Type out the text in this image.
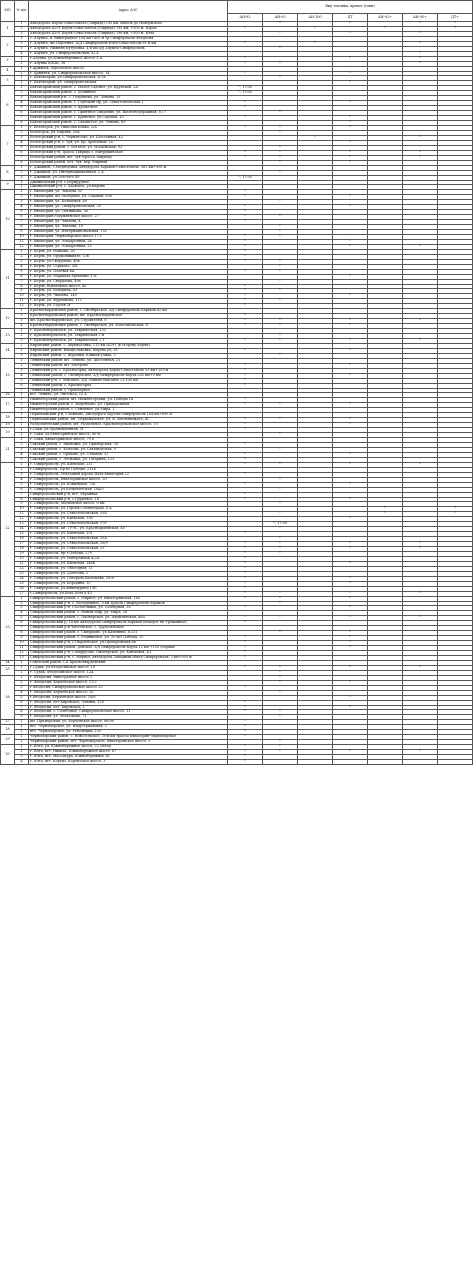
МО	№ п/п	Адрес АЗС	Вид топлива, привоз (тонн)						
			АИ-92	АИ-95	АИ-100	ДТ	АИ-92+	АИ-95+	ДТ+
1	1	Автодорога Керчь-Севастополь (Таврида) 130 км. Вплоть до Ноябрьского		*		*		*	*
	2	Автодорога А291 Керчь-Севастополь (Таврида) 195 км. +500 м. Керчь	*		*		*		*
	3	Автодорога А291 Керчь-Севастополь (Таврида) 196 км. +500 м. Ялта		*		*		*	
2	1	г. Алушта, п. Виноградное 164 км+400 м тр.Симферополь-Феодосия							
	2	г. Алушта, шт.Партенит, А/Д Симферополь-Ялта-Севастополь 61-й км	*		*			*	
	3	г. Алушта, Нижняя Кутузовка, 4-й км а/д Алушта-Симферополь		*					
	4	г. Алушта, ул. Симферопольская, 42 а						*	
3	1	г.Алупка, ул.Южнобережное Шоссе 9 А	*			*		*	
	2	г. Алупка ЮКШ, 38	*	*				*	
4	1	г.Армянск, Херсонское шоссе,							
	2	г. Армянск, ул. Симферопольское шоссе, 14	*			*			
5	1	г. Бахчисарай, ул.Симферопольская, 47/А		*					
	2	г. Бахчисарай, ул. Симферопольская				*			
6	1	Бахчисарайский район, с. Малое Садовое, ул. Крупская, 2А	*; 17:00						
	2	Бахчисарайский район, с. Долинное	*; 17:00						
	3	Бахчисарайский р-н, с. Голубинка, ул. Ленина, 15							
	4	Бахчисарайский район, с. Глубокий Яр, ул. Севастопольская 1	*			*			
	5	Бахчисарайский район, с. Ароматное	*						
	6	Бахчисарайский район, с. Приятное Свидание, ул. Железнодорожная, д 17		*					
	7	Бахчисарайский район, с. Брянское, ул.Садовая, 15	*			*			
	8	Бахчисарайский район, с. Скалистое, ул. Ленина, 69				*			
7	1	г. Белогорск, ул. Николая Бойко, 2/А	*	*		*			
	2	Белогорск, ул. Бирлик, 20А		*					
	3	Белогорский р-н, с. Чернополье, ул. Шоссейная, 43			*			*	
	4	Белогорский р-н, с. Зуя, ул. Кр. Хребтовой, 1а				*			
	5	Белогорский район, с. Богатое, ул. Московская, 92		*					
	6	Белогорский р-н, Трасса Таврида с. Митрушинское	*	*		*		*	
	7	Белогорский район, шт. Зуя (трасса Таврида)	*	*		*		*	
	8	Белогорский район, пгт. Зуя, пер. Мирный		*		*			
8	1	г. Джанкой, с.Медведевка, автодорога Харьков-Севастополь, 562 км+500 м							
	2	г. Джанкой, ул. Интернациональная, 2 А		*					
	3	г. Джанкой, ул.Толстого 49	*; 17:00						
9	1	Джанкойский р-н, с.Изумрудное,							
	2	Джанкойский р-н, с. Азовское, ул.Кирова							
10	1	г. Евпатория, ул. Чапаева 50	*						
	2	г. Евпатория, шт Заозерное, ул. Садовая, 55а	*			*			
	3	г. Евпатория, ул. Кольцевая, 49		*					
	4	г. Евпатория, ул. Симферопольская, 30	*			*			
	5	г. Евпатория, ул. Сытникова, 36	*						
	6	г. Евпатория Радужненское шоссе, 27	*	*					
	7	г. Евпатория, ул. Чапаева, 4	*						
	8	г. Евпатория, ул. Чапаева, 18		*					
	9	г. Евпатория, ул. Интернациональная, 152		*					
	10	г. Евпатория, Черноморское шоссе 17 г	*	*					
	11	г. Евпатория, ул. Эскадронная, 24	*			*			
	12	г. Евпатория, ул. Эскадронная, 25	*			*		*	
11	1	г. Керчь, ул. Войкова, 2а	*						
	2	г. Керчь, ул. Орджоникидзе, 136	*						
	3	г. Керчь, ул.Свердлова, 49в	*	*					
	4	г. Керчь, ул. Горького, 5/К		*					
	5	г. Керчь, ул. Полевая 4А	*	*					
	6	г. Керчь, ул. Маршала Еременко 37а				*			
	7	г. Керчь, ул. Свердлова, 49а		*					
	8	г. Керчь, Вокзальное шоссе, 48	*						
	9	г. Керчь, ул. Кокорина, 63	*	*					
	10	г. Керчь, ул. Чкалова, 149	*			*			
	11	г. Керчь, ул. Фурманова, 112	*	*					
	12	г. Керчь, ул. Героев 5г	*						
12	1	Красногвардейский район, с. Октябрьское, а/д Симферополь-Харьков 42 км							
	2	Красногвардейский район, шт. Красногвардейское	*						
	3	шт. Красногвардейское, ул. Строителей, 8	*	*		*		*	
	4	Красногвардейский район, с. Октябрьское, ул. Комсомольская, 6	*	*		*			
13	1	г. Красноперекопск, ул. Таврическая, 153							
	2	г. Красноперекопск, ул. Таврическая 2-В		*					
	3	г. Красноперекопск, ул. Таврическая, 2 Г	*	*		*		*	
14	1	Кировский район, с. Абрикосовка, 113 км А/291 (в сторону Керчи)							
	2	Кировский район, Владиславовка, Кирова ул, 28	*			*			
	3	Кировский район, с. Журавки, Южная улица, 2		*					
15	1	Ленинский район, шт. Ленино, ул. Шоссейная, 21							
	2	Ленинский район, шт. Багерово	*			*			
	3	Ленинский р-н, с. Красногорка, автодорога Керчь-Севастополь 53 км+200 м	*						
	4	Ленинский район, с. Октябрьское, а/д Симферополь-Керчь 202 км+0 км	*			*			
	5	Ленинский р-н, с. Мысовое, А/д Ленино-Мысовое 21-100 км	*						
	6	Ленинский район, с. Красногорка	*						
	7	Ленинский район, с. Приозёрное							
16	1	пгт. Ленино, ул. Энгельса, 15 А							
17	1	Нижнегорский район, шт. Нижнегорский, ул. Победы 1а	*						
	2	Нижнегорский район, с. Жеребцово, ул. Придорожная	*	*		*			
	3	Нижнегорский район, с. Семенное, ул.Мира, 1							
18	1	Первомайский р-н, с.Войково, Автодорога Херсон-Симферополь 164 км+600 м							
	2	Первомайский район, шт. Первомайское, ул. В. Хмельницкого, 41	*	*		*			
19	1	Раздольненский район, шт. Раздольное, Красноперекопское шоссе, 19	*			*			
20	1	г.Саки, ул.Промышленная, 5Г	*						
	2	г. Саки, ул.Евпаторийское шоссе, 80-В		*					
21	1	г. Саки, Евпаторийское шоссе, 79 б							
	2	Сакский район, с. Ивановка, ул. Приморская, 28	*						
	3	Сакский район, с. Колоски, ул. Сахзаводская, 9		*					
	4	Сакский район, с. Орехово, ул. Степная, 12	*			*			
	5	Сакский район, с. Лесновка, ул. Гагарина, 123	*						
22	1	г. Симферополь, ул. Киевская, 231	*	*		*		*	
	2	г.Симферополь, Пр-кт Победы, 211Б							
	3	г. Симферополь, Объездная дорога Ялта-Евпатория 22	*						
	4	г. Симферополь, Евпаторийское шоссе, 20		*					
	5	г. Симферополь, ул. Ковыльная, 72а	*			*			
	6	г. Симферополь, ул.Кечкеметская, 184/5		*					
	7	Симферопольский р-н, пгт. Украинка	*						
	8	Симферопольский р-н, с.Грушевое, 16	*			*			
	9	г. Симферополь, Московское шоссе, 6 км		*					
	10	г. Симферополь, ул. Героев Сталинграда, 8 А					*		*
	11	г. Симферополь, ул. Севастопольская, 33Б		*			*		*
	12	г. Симферополь, ул. Киевская, 136				*			
	13	г. Симферополь, ул. Севастопольская, 376		*; 17:00					
	14	г. Симферополь, шт. ГРЭС, ул. Красноармейская, 40		*					
	15	г. Симферополь, ул. Киевская, 191	*						
	16	г. Симферополь, ул. Севастопольская, 35А		*					
	17	г. Симферополь, ул. Севастопольская, 26/9	*	*		*		*	
	18	г. Симферополь, ул. Севастопольская, 25	*	*		*		*	
	19	г. Симферополь, пр-т Победы, 279	*	*					
	20	г. Симферополь, ул. Набережная А/2А	*						
	21	г. Симферополь, ул. Киевская, 148Б	*			*			
	22	г. Симферополь, ул. Объездная, 11	*						
	23	г. Симферополь, ул. Долетова, 2	*						
	24	г. Симферополь, ул. Генерала Васильева, 39-А	*			*			
	25	г. Симферополь, ул. Бородина, 67	*			*			
	26	г. Симферополь, ул.Аннычурина 19Б	*						
	27	г.Симферополь, ул.Беха Атлл д.43	*	*		*		*	
23	1	Симферопольский район, с. Мирное, ул. Евпаторийская, 160	*	*		*			
	2	Симферопольский р-н, с. Молодежное, 9 км трассы Симферополь-Харьков		*					
	3	Симферопольский р-н, с.Белоглинка, ул. Салгирная, 26	*			*			
	4	Симферопольский район, с. Новый Мир, ул. Мира, 28							
	5	Симферопольский район, с. Пионерское, ул. Алуштинская, 46А	*	*		*		*	
	6	Симферопольский р, 14 км Автодороги Симферополь-Харьков (поворот на Урожайное)	*						
	7	Симферопольский р-н Чистенское, с. Трудолюбовое							
	8	Симферопольский район, с. Скворцово, ул.Калинина, д.131		*		*			
	9	Симферопольский район, с. Родниковое, ул. 30 лет Победы, 3Г	*			*			
	10	Симферопольский р-н, с.Гвардейское, ул.Прохоровская,66	*			*			
	11	Симферопольский район, Донское, а/д Симферополь-Керчь 12 км +150 (справа)	*			*			
	12	Симферопольский р-н, с.Андрусово, Пионерское, ул. Ключевая, д.1	*						
	13	Симферопольский р-н, с. Мирное, автодорога Западный обход Симферополя, 3 км+950 м	*						
24	1	Советский район, СП Красногвардейский							
25	1	г.Судак, ул.Феодосийское шоссе, 18	*	*		*		*	
	2	г. Судак, Феодосийское шоссе, 12А		*					
26	1	г. Феодосия, Виноградное шоссе 2		*					
	2	г. Феодосия, Керченское шоссе, 27/2		*		*			
	3	г.Феодосия, Симферопольское шоссе 25	*						
	4	г. Феодосия, Керченское шоссе, 25		*					
	5	г.Феодосия, Керченское шоссе, 18/6				*			
	6	г. Феодосия, пгт Кировское, Ленина, 150	*						
	7	г. Феодосия, пгт. Кировское, 1	*			*			
	8	г. Феодосия, с. Солнечное, Симферопольское шоссе, 11	*	*					
	9	г. Феодосия, ул. Челюскина, 71		*					
27	1	шт. Приморский, ул. Керченское шоссе, 86/98	*						
28	1	пгт. Черноморское, ул. Индустриальная, 2	*						
	2	пгт. Черноморское, ул. Революции, 105	*						
29	1	Черноморский район, с. Новосельское, 30-й км трассы Евпатория-Черноморское	*						
	2	Черноморский район, пгт. Черноморское, Евпаторийское шоссе, 5		*					
30	1	г. Ялта, ул. Южнобережное шоссе, 22 (Ялта)	*	*					
	2	г. Ялта, пгт. Никита, Южнобережное шоссе, 67	*	*		*		*	
	3	г. Ялта, пгт. Массандра, Южнобережное 16	*						
	4	г. Ялта, пгт. Кореиз, Кореизское шоссе, 3	*						
